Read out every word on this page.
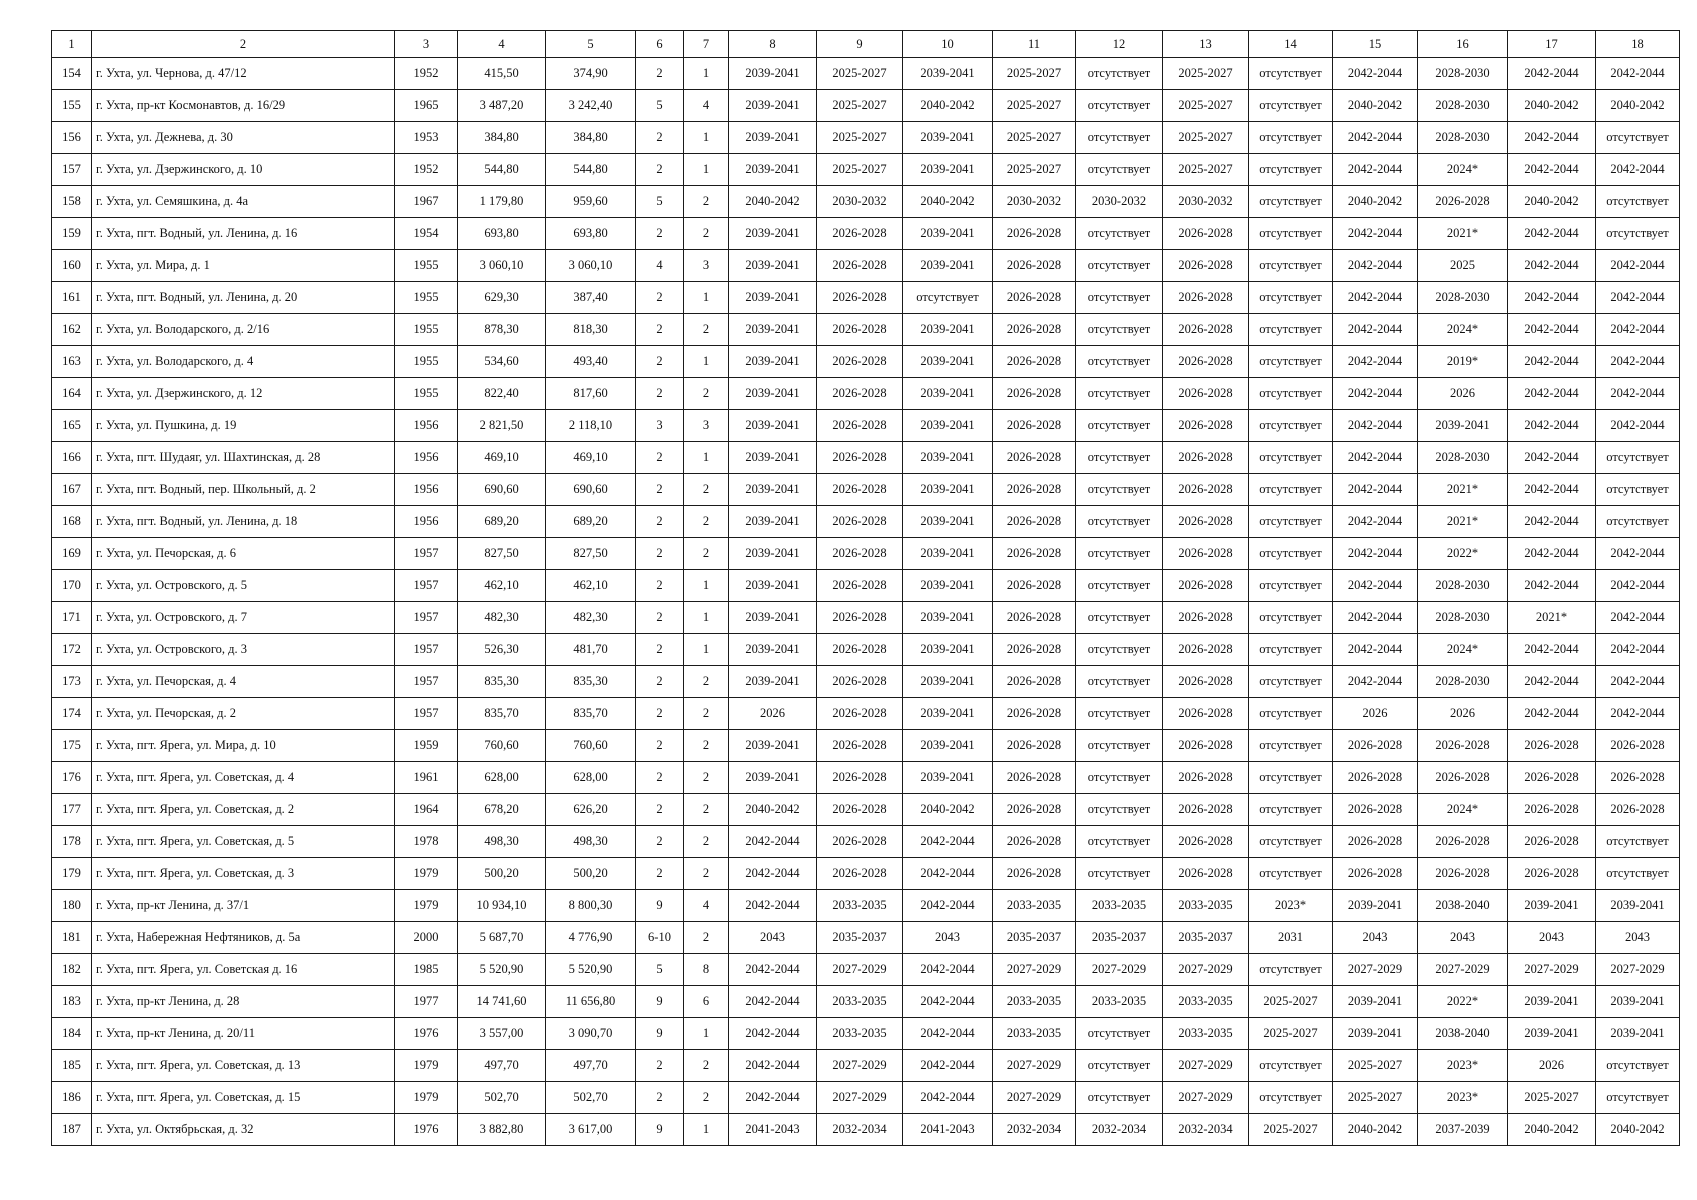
1	2	3	4	5	6	7	8	9	10	11	12	13	14	15	16	17	18
154	г. Ухта, ул. Чернова, д. 47/12	1952	415,50	374,90	2	1	2039-2041	2025-2027	2039-2041	2025-2027	отсутствует	2025-2027	отсутствует	2042-2044	2028-2030	2042-2044	2042-2044
155	г. Ухта, пр-кт Космонавтов, д. 16/29	1965	3 487,20	3 242,40	5	4	2039-2041	2025-2027	2040-2042	2025-2027	отсутствует	2025-2027	отсутствует	2040-2042	2028-2030	2040-2042	2040-2042
156	г. Ухта, ул. Дежнева, д. 30	1953	384,80	384,80	2	1	2039-2041	2025-2027	2039-2041	2025-2027	отсутствует	2025-2027	отсутствует	2042-2044	2028-2030	2042-2044	отсутствует
157	г. Ухта, ул. Дзержинского, д. 10	1952	544,80	544,80	2	1	2039-2041	2025-2027	2039-2041	2025-2027	отсутствует	2025-2027	отсутствует	2042-2044	2024*	2042-2044	2042-2044
158	г. Ухта, ул. Семяшкина, д. 4а	1967	1 179,80	959,60	5	2	2040-2042	2030-2032	2040-2042	2030-2032	2030-2032	2030-2032	отсутствует	2040-2042	2026-2028	2040-2042	отсутствует
159	г. Ухта, пгт. Водный, ул. Ленина, д. 16	1954	693,80	693,80	2	2	2039-2041	2026-2028	2039-2041	2026-2028	отсутствует	2026-2028	отсутствует	2042-2044	2021*	2042-2044	отсутствует
160	г. Ухта, ул. Мира, д. 1	1955	3 060,10	3 060,10	4	3	2039-2041	2026-2028	2039-2041	2026-2028	отсутствует	2026-2028	отсутствует	2042-2044	2025	2042-2044	2042-2044
161	г. Ухта, пгт. Водный, ул. Ленина, д. 20	1955	629,30	387,40	2	1	2039-2041	2026-2028	отсутствует	2026-2028	отсутствует	2026-2028	отсутствует	2042-2044	2028-2030	2042-2044	2042-2044
162	г. Ухта, ул. Володарского, д. 2/16	1955	878,30	818,30	2	2	2039-2041	2026-2028	2039-2041	2026-2028	отсутствует	2026-2028	отсутствует	2042-2044	2024*	2042-2044	2042-2044
163	г. Ухта, ул. Володарского, д. 4	1955	534,60	493,40	2	1	2039-2041	2026-2028	2039-2041	2026-2028	отсутствует	2026-2028	отсутствует	2042-2044	2019*	2042-2044	2042-2044
164	г. Ухта, ул. Дзержинского, д. 12	1955	822,40	817,60	2	2	2039-2041	2026-2028	2039-2041	2026-2028	отсутствует	2026-2028	отсутствует	2042-2044	2026	2042-2044	2042-2044
165	г. Ухта, ул. Пушкина, д. 19	1956	2 821,50	2 118,10	3	3	2039-2041	2026-2028	2039-2041	2026-2028	отсутствует	2026-2028	отсутствует	2042-2044	2039-2041	2042-2044	2042-2044
166	г. Ухта, пгт. Шудаяг, ул. Шахтинская, д. 28	1956	469,10	469,10	2	1	2039-2041	2026-2028	2039-2041	2026-2028	отсутствует	2026-2028	отсутствует	2042-2044	2028-2030	2042-2044	отсутствует
167	г. Ухта, пгт. Водный, пер. Школьный, д. 2	1956	690,60	690,60	2	2	2039-2041	2026-2028	2039-2041	2026-2028	отсутствует	2026-2028	отсутствует	2042-2044	2021*	2042-2044	отсутствует
168	г. Ухта, пгт. Водный, ул. Ленина, д. 18	1956	689,20	689,20	2	2	2039-2041	2026-2028	2039-2041	2026-2028	отсутствует	2026-2028	отсутствует	2042-2044	2021*	2042-2044	отсутствует
169	г. Ухта, ул. Печорская, д. 6	1957	827,50	827,50	2	2	2039-2041	2026-2028	2039-2041	2026-2028	отсутствует	2026-2028	отсутствует	2042-2044	2022*	2042-2044	2042-2044
170	г. Ухта, ул. Островского, д. 5	1957	462,10	462,10	2	1	2039-2041	2026-2028	2039-2041	2026-2028	отсутствует	2026-2028	отсутствует	2042-2044	2028-2030	2042-2044	2042-2044
171	г. Ухта, ул. Островского, д. 7	1957	482,30	482,30	2	1	2039-2041	2026-2028	2039-2041	2026-2028	отсутствует	2026-2028	отсутствует	2042-2044	2028-2030	2021*	2042-2044
172	г. Ухта, ул. Островского, д. 3	1957	526,30	481,70	2	1	2039-2041	2026-2028	2039-2041	2026-2028	отсутствует	2026-2028	отсутствует	2042-2044	2024*	2042-2044	2042-2044
173	г. Ухта, ул. Печорская, д. 4	1957	835,30	835,30	2	2	2039-2041	2026-2028	2039-2041	2026-2028	отсутствует	2026-2028	отсутствует	2042-2044	2028-2030	2042-2044	2042-2044
174	г. Ухта, ул. Печорская, д. 2	1957	835,70	835,70	2	2	2026	2026-2028	2039-2041	2026-2028	отсутствует	2026-2028	отсутствует	2026	2026	2042-2044	2042-2044
175	г. Ухта, пгт. Ярега, ул. Мира, д. 10	1959	760,60	760,60	2	2	2039-2041	2026-2028	2039-2041	2026-2028	отсутствует	2026-2028	отсутствует	2026-2028	2026-2028	2026-2028	2026-2028
176	г. Ухта, пгт. Ярега, ул. Советская, д. 4	1961	628,00	628,00	2	2	2039-2041	2026-2028	2039-2041	2026-2028	отсутствует	2026-2028	отсутствует	2026-2028	2026-2028	2026-2028	2026-2028
177	г. Ухта, пгт. Ярега, ул. Советская, д. 2	1964	678,20	626,20	2	2	2040-2042	2026-2028	2040-2042	2026-2028	отсутствует	2026-2028	отсутствует	2026-2028	2024*	2026-2028	2026-2028
178	г. Ухта, пгт. Ярега, ул. Советская, д. 5	1978	498,30	498,30	2	2	2042-2044	2026-2028	2042-2044	2026-2028	отсутствует	2026-2028	отсутствует	2026-2028	2026-2028	2026-2028	отсутствует
179	г. Ухта, пгт. Ярега, ул. Советская, д. 3	1979	500,20	500,20	2	2	2042-2044	2026-2028	2042-2044	2026-2028	отсутствует	2026-2028	отсутствует	2026-2028	2026-2028	2026-2028	отсутствует
180	г. Ухта, пр-кт Ленина, д. 37/1	1979	10 934,10	8 800,30	9	4	2042-2044	2033-2035	2042-2044	2033-2035	2033-2035	2033-2035	2023*	2039-2041	2038-2040	2039-2041	2039-2041
181	г. Ухта, Набережная Нефтяников, д. 5а	2000	5 687,70	4 776,90	6-10	2	2043	2035-2037	2043	2035-2037	2035-2037	2035-2037	2031	2043	2043	2043	2043
182	г. Ухта, пгт. Ярега, ул. Советская д. 16	1985	5 520,90	5 520,90	5	8	2042-2044	2027-2029	2042-2044	2027-2029	2027-2029	2027-2029	отсутствует	2027-2029	2027-2029	2027-2029	2027-2029
183	г. Ухта, пр-кт Ленина, д. 28	1977	14 741,60	11 656,80	9	6	2042-2044	2033-2035	2042-2044	2033-2035	2033-2035	2033-2035	2025-2027	2039-2041	2022*	2039-2041	2039-2041
184	г. Ухта, пр-кт Ленина, д. 20/11	1976	3 557,00	3 090,70	9	1	2042-2044	2033-2035	2042-2044	2033-2035	отсутствует	2033-2035	2025-2027	2039-2041	2038-2040	2039-2041	2039-2041
185	г. Ухта, пгт. Ярега, ул. Советская, д. 13	1979	497,70	497,70	2	2	2042-2044	2027-2029	2042-2044	2027-2029	отсутствует	2027-2029	отсутствует	2025-2027	2023*	2026	отсутствует
186	г. Ухта, пгт. Ярега, ул. Советская, д. 15	1979	502,70	502,70	2	2	2042-2044	2027-2029	2042-2044	2027-2029	отсутствует	2027-2029	отсутствует	2025-2027	2023*	2025-2027	отсутствует
187	г. Ухта, ул. Октябрьская, д. 32	1976	3 882,80	3 617,00	9	1	2041-2043	2032-2034	2041-2043	2032-2034	2032-2034	2032-2034	2025-2027	2040-2042	2037-2039	2040-2042	2040-2042
